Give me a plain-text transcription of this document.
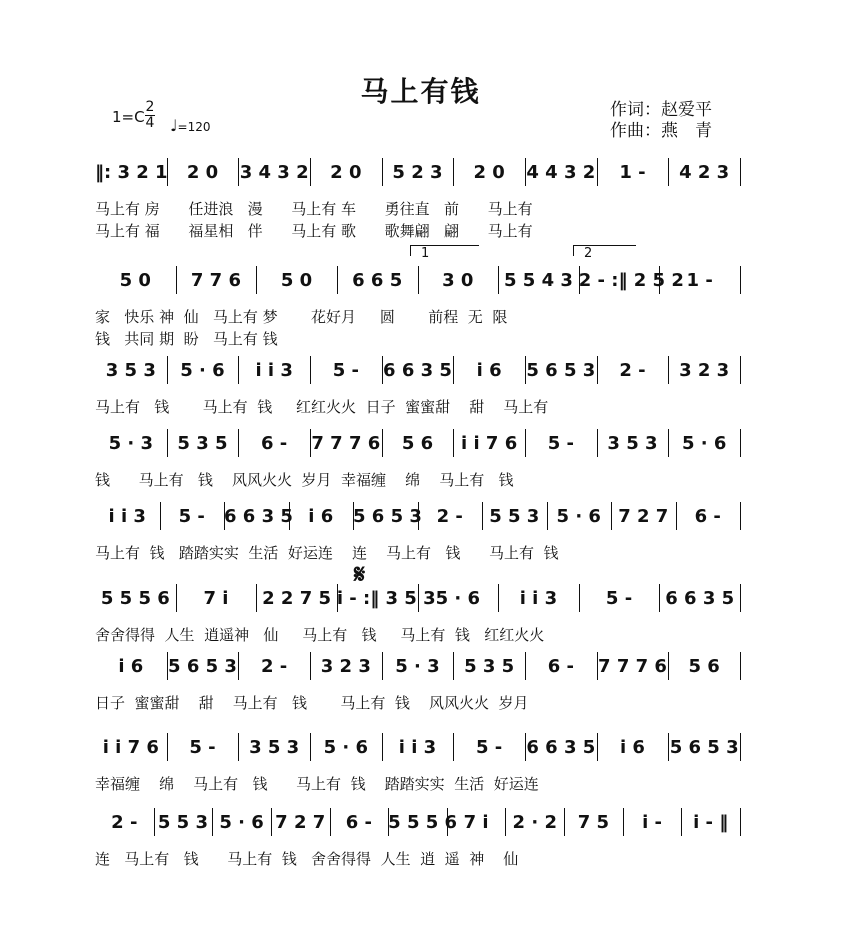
马上有钱
作词：赵爱平
作曲：燕　青
1=C
2
4 ♩=120
1	2
𝄋
‖: 3 2 1	2 0	3 4 3 2	2 0	5 2 3	2 0	4 4 3 2	1 -	4 2 3
马上有 房      任进浪   漫      马上有 车      勇往直   前      马上有
马上有 福      福星相   伴      马上有 歌      歌舞翩   翩      马上有
5 0	7 7 6	5 0	6 6 5	3 0	5 5 4 3 2 - :‖ 2 5 2 1 -
家   快乐 神  仙   马上有 梦       花好月     圆       前程  无  限
钱   共同 期  盼   马上有 钱
3 5 3	5 · 6	i i 3	5 -	6 6 3 5	i 6	5 6 5 3	2 -	3 2 3
马上有   钱       马上有  钱     红红火火  日子  蜜蜜甜    甜    马上有
5 · 3	5 3 5	6 -	7 7 7 6	5 6	i i 7 6	5 -	3 5 3	5 · 6
钱      马上有   钱    风风火火  岁月  幸福缠    绵    马上有   钱
i i 3	5 -	6 6 3 5 i 6	5 6 5 3 2 -	5 5 3 5 · 6 7 2 7	6 -
马上有  钱   踏踏实实  生活  好运连    连    马上有   钱      马上有  钱
5 5 5 6	7 i	2 2 7 5 i - :‖ 3 5 3 5 · 6	i i 3	5 -	6 6 3 5
舍舍得得  人生  逍遥神   仙     马上有   钱     马上有  钱   红红火火
i 6	5 6 5 3	2 -	3 2 3	5 · 3	5 3 5	6 -	7 7 7 6	5 6
日子  蜜蜜甜    甜    马上有   钱       马上有  钱    风风火火  岁月
i i 7 6	5 -	3 5 3	5 · 6	i i 3	5 -	6 6 3 5	i 6	5 6 5 3
幸福缠    绵    马上有   钱      马上有  钱    踏踏实实  生活  好运连
2 -	5 5 3 5 · 6 7 2 7	6 - 5 5 5 6 7 i	2 · 2	7 5	i -	i - ‖
连   马上有   钱      马上有  钱   舍舍得得  人生  逍  遥  神    仙
